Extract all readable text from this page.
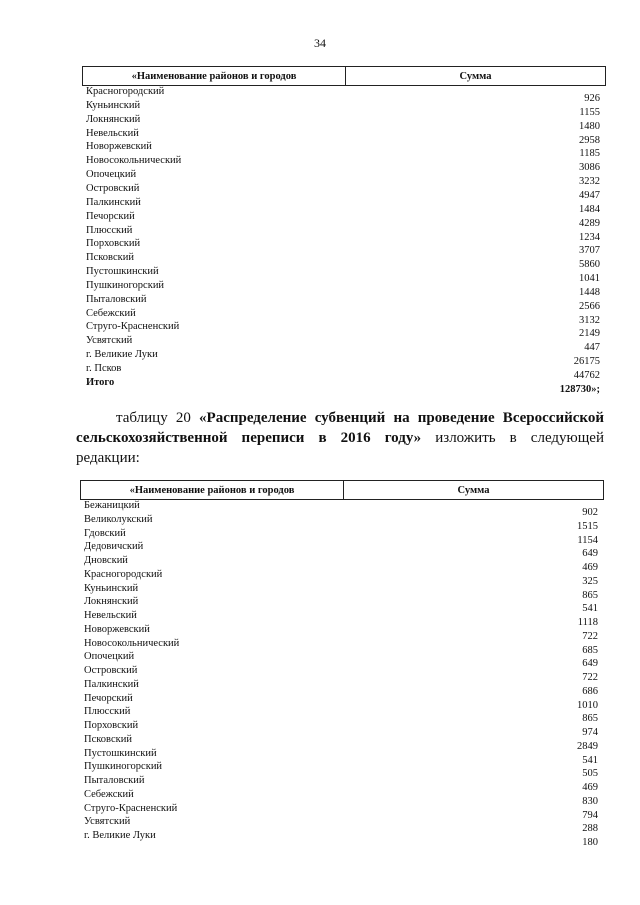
34
«Наименование районов и городов	Сумма
Красногородский
926
Куньинский
1155
Локнянский
1480
Невельский
2958
Новоржевский
1185
Новосокольнический
3086
Опочецкий
3232
Островский
4947
Палкинский
1484
Печорский
4289
Плюсский
1234
Порховский
3707
Псковский
5860
Пустошкинский
1041
Пушкиногорский
1448
Пыталовский
2566
Себежский
3132
Струго-Красненский
2149
Усвятский
447
г. Великие Луки
26175
г. Псков
44762
Итого
128730»;
таблицу 20 «Распределение субвенций на проведение Всероссийской
сельскохозяйственной переписи в 2016 году» изложить в следующей
редакции:
«Наименование районов и городов	Сумма
Бежаницкий
902
Великолукский
1515
Гдовский
1154
Дедовичский
649
Дновский
469
Красногородский
325
Куньинский
865
Локнянский
541
Невельский
1118
Новоржевский
722
Новосокольнический
685
Опочецкий
649
Островский
722
Палкинский
686
Печорский
1010
Плюсский
865
Порховский
974
Псковский
2849
Пустошкинский
541
Пушкиногорский
505
Пыталовский
469
Себежский
830
Струго-Красненский
794
Усвятский
288
г. Великие Луки
180
